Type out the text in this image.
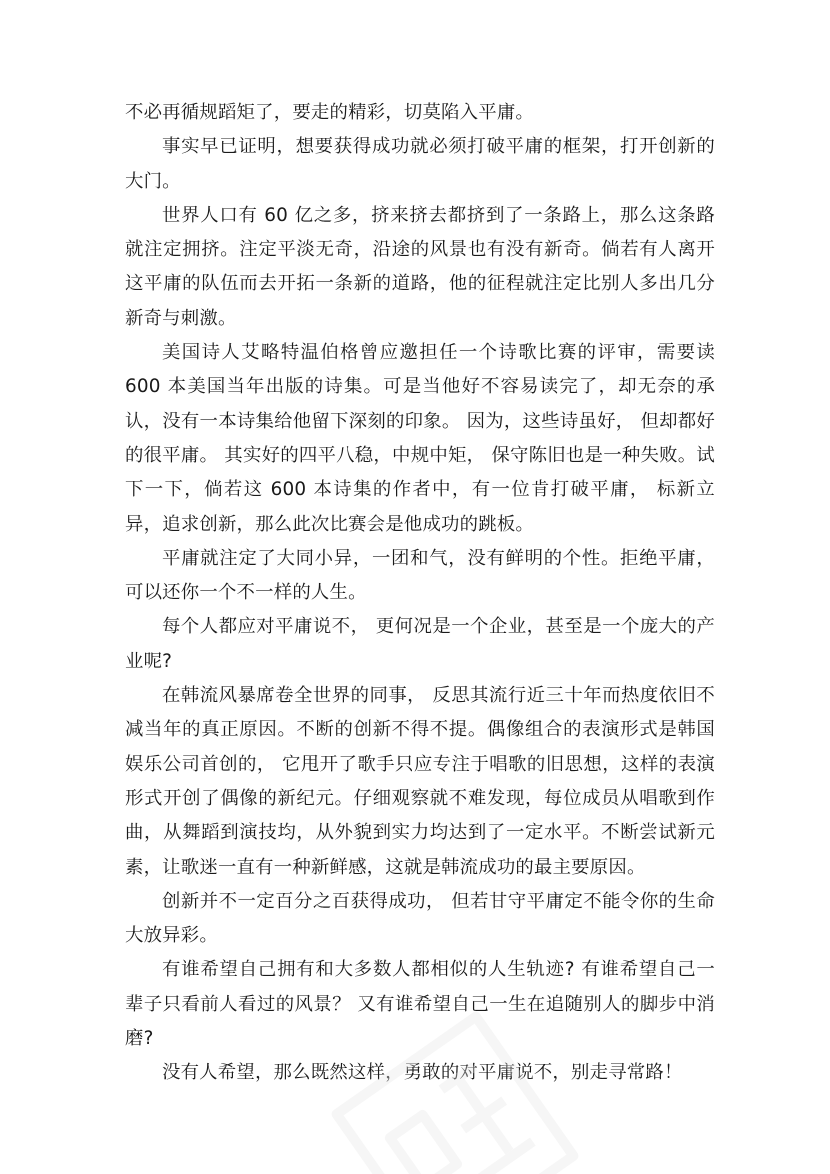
不必再循规蹈矩了，要走的精彩，切莫陷入平庸。

事实早已证明，想要获得成功就必须打破平庸的框架，打开创新的大门。

世界人口有 60 亿之多，挤来挤去都挤到了一条路上，那么这条路就注定拥挤。注定平淡无奇，沿途的风景也有没有新奇。倘若有人离开这平庸的队伍而去开拓一条新的道路，他的征程就注定比别人多出几分新奇与刺激。

美国诗人艾略特温伯格曾应邀担任一个诗歌比赛的评审，需要读 600 本美国当年出版的诗集。可是当他好不容易读完了，却无奈的承认，没有一本诗集给他留下深刻的印象。 因为，这些诗虽好， 但却都好的很平庸。 其实好的四平八稳，中规中矩， 保守陈旧也是一种失败。试下一下，倘若这 600 本诗集的作者中，有一位肯打破平庸， 标新立异，追求创新，那么此次比赛会是他成功的跳板。

平庸就注定了大同小异，一团和气，没有鲜明的个性。拒绝平庸，可以还你一个不一样的人生。

每个人都应对平庸说不， 更何况是一个企业，甚至是一个庞大的产业呢?

在韩流风暴席卷全世界的同事， 反思其流行近三十年而热度依旧不减当年的真正原因。不断的创新不得不提。偶像组合的表演形式是韩国娱乐公司首创的， 它甩开了歌手只应专注于唱歌的旧思想，这样的表演形式开创了偶像的新纪元。仔细观察就不难发现，每位成员从唱歌到作曲，从舞蹈到演技均，从外貌到实力均达到了一定水平。不断尝试新元素，让歌迷一直有一种新鲜感，这就是韩流成功的最主要原因。

创新并不一定百分之百获得成功， 但若甘守平庸定不能令你的生命大放异彩。

有谁希望自己拥有和大多数人都相似的人生轨迹? 有谁希望自己一辈子只看前人看过的风景？ 又有谁希望自己一生在追随别人的脚步中消磨?

没有人希望，那么既然这样，勇敢的对平庸说不，别走寻常路！
